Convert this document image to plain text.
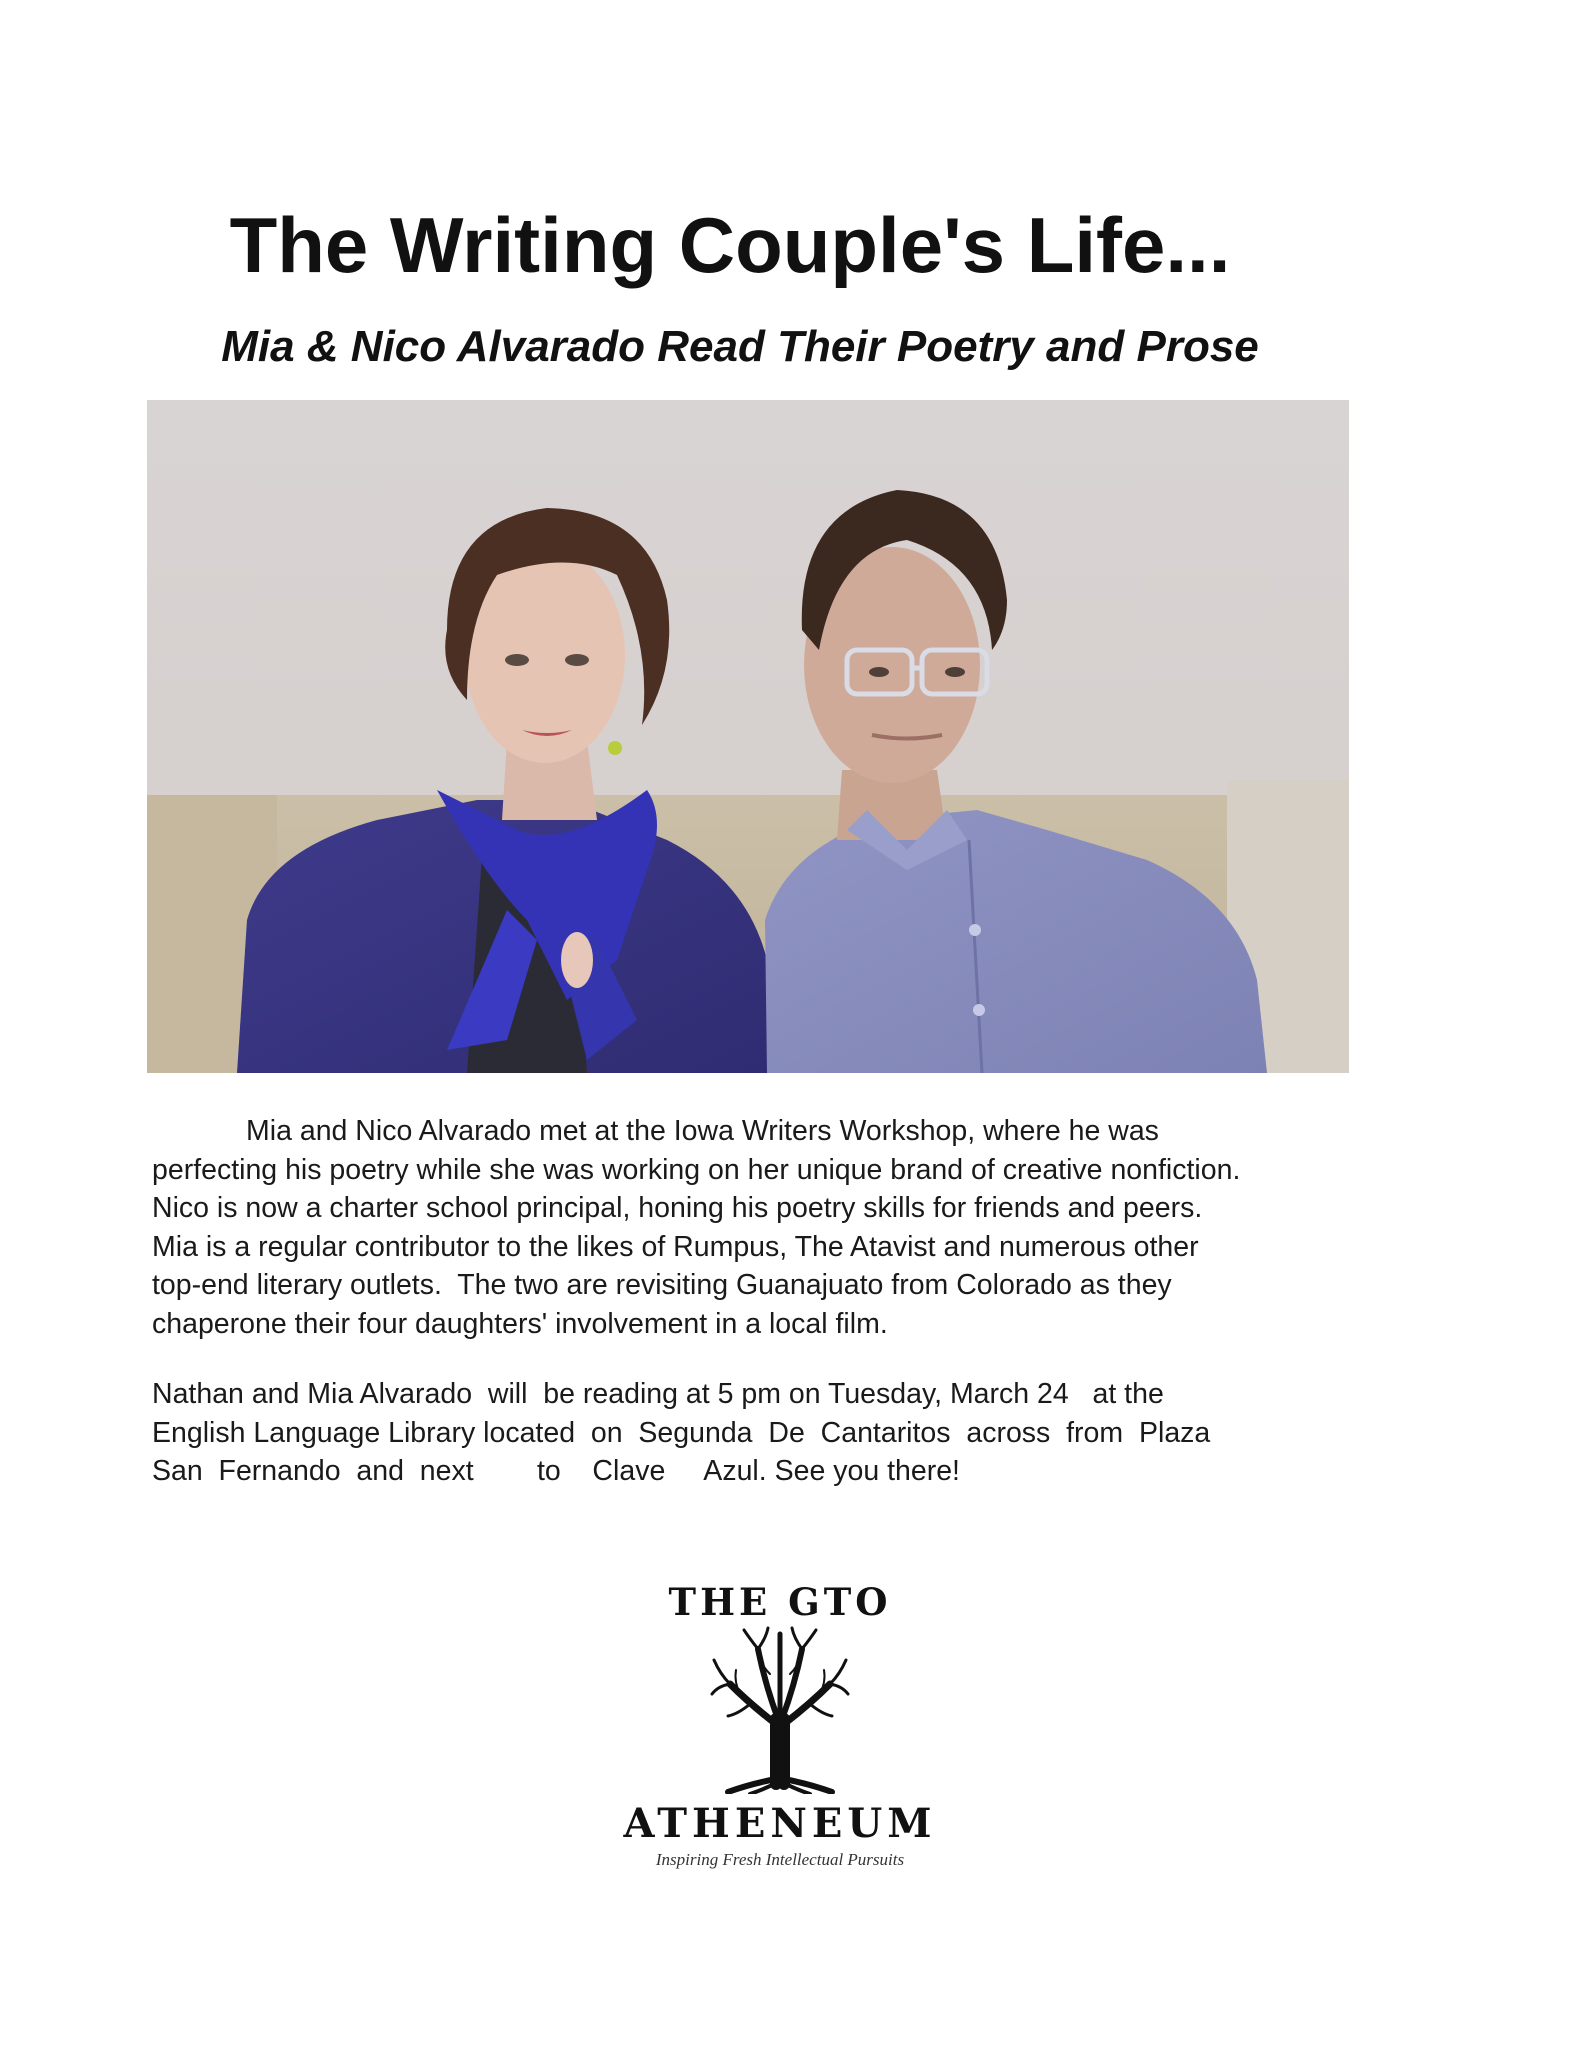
The Writing Couple's Life...
Mia & Nico Alvarado Read Their Poetry and Prose
Mia and Nico Alvarado met at the Iowa Writers Workshop, where he was
perfecting his poetry while she was working on her unique brand of creative nonfiction.
Nico is now a charter school principal, honing his poetry skills for friends and peers.
Mia is a regular contributor to the likes of Rumpus, The Atavist and numerous other
top-end literary outlets.  The two are revisiting Guanajuato from Colorado as they
chaperone their four daughters' involvement in a local film.
Nathan and Mia Alvarado  will  be reading at 5 pm on Tuesday, March 24   at the
English Language Library located  on  Segunda  De  Cantaritos  across  from  Plaza
San  Fernando  and  next        to    Clave     Azul. See you there!
THE GTO
ATHENEUM
Inspiring Fresh Intellectual Pursuits
